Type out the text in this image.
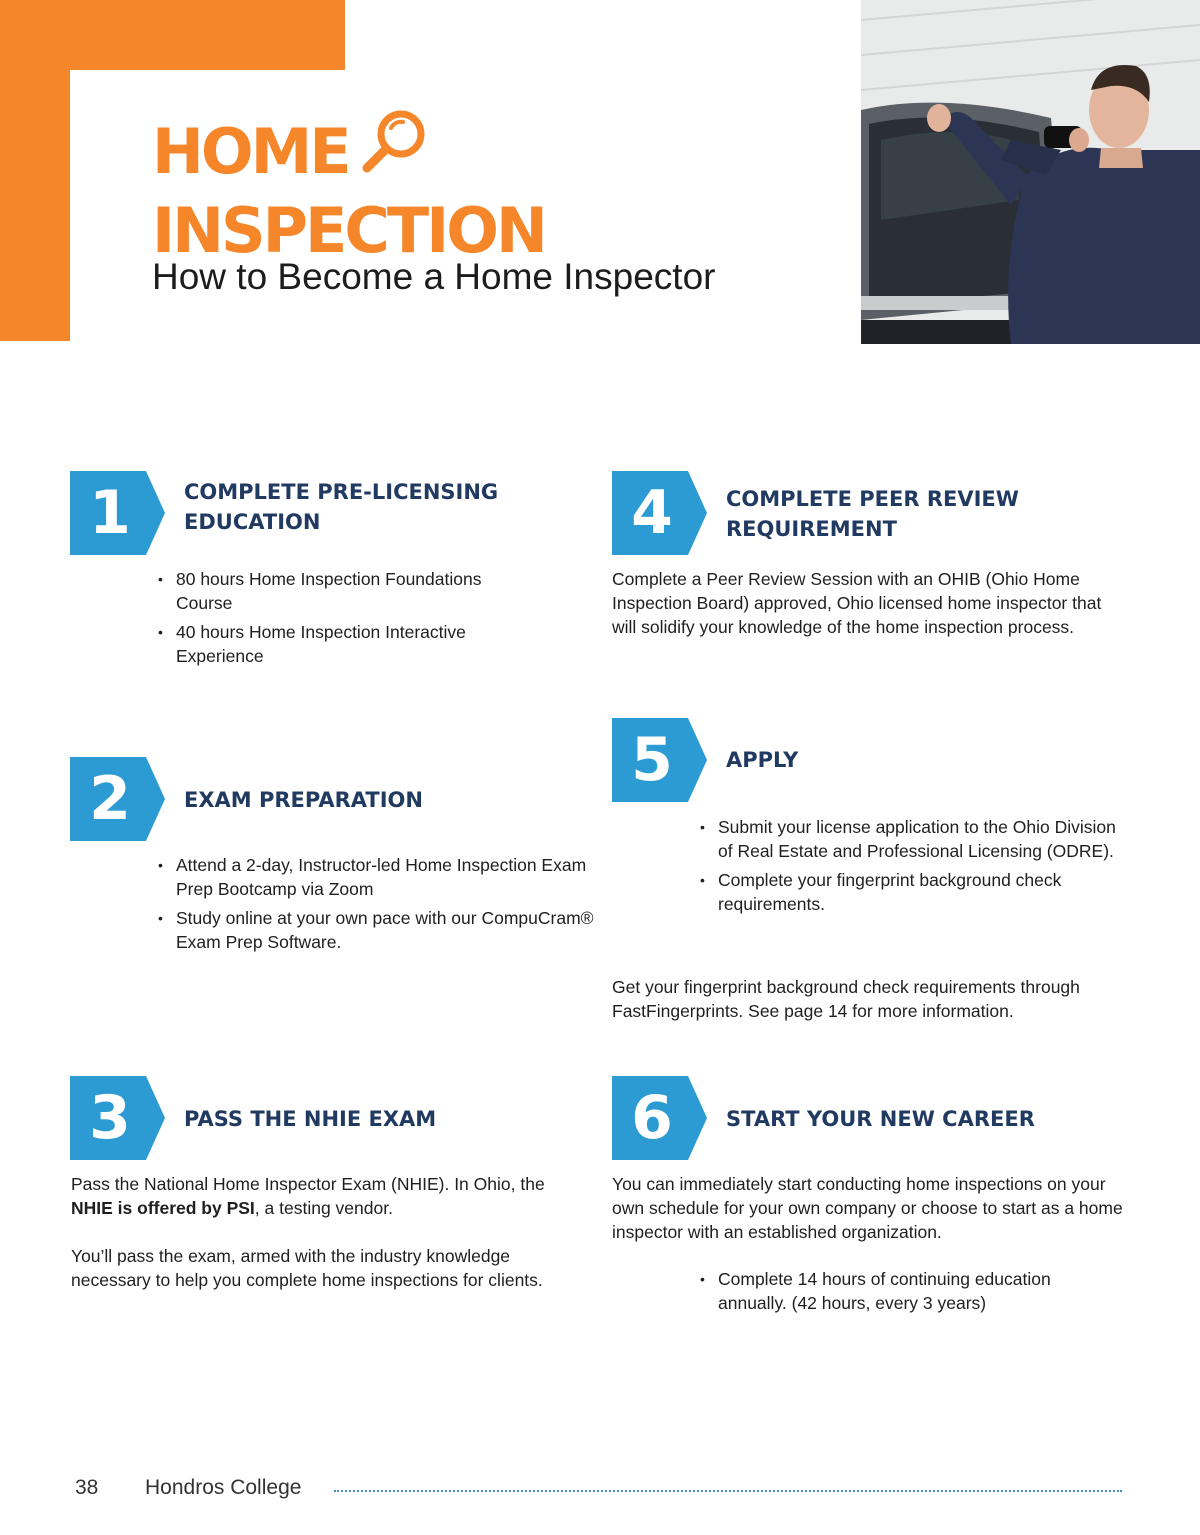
HOME
INSPECTION
How to Become a Home Inspector
1	COMPLETE PRE-LICENSING
EDUCATION
• 80 hours Home Inspection Foundations Course
• 40 hours Home Inspection Interactive Experience
2	EXAM PREPARATION
• Attend a 2-day, Instructor-led Home Inspection Exam Prep Bootcamp via Zoom
• Study online at your own pace with our CompuCram® Exam Prep Software.
3	PASS THE NHIE EXAM

Pass the National Home Inspector Exam (NHIE). In Ohio, the NHIE is offered by PSI, a testing vendor.

You’ll pass the exam, armed with the industry knowledge necessary to help you complete home inspections for clients.

4	COMPLETE PEER REVIEW
REQUIREMENT

Complete a Peer Review Session with an OHIB (Ohio Home Inspection Board) approved, Ohio licensed home inspector that will solidify your knowledge of the home inspection process.

5	APPLY
• Submit your license application to the Ohio Division of Real Estate and Professional Licensing (ODRE).
• Complete your fingerprint background check requirements.

Get your fingerprint background check requirements through FastFingerprints. See page 14 for more information.

6	START YOUR NEW CAREER

You can immediately start conducting home inspections on your own schedule for your own company or choose to start as a home inspector with an established organization.

• Complete 14 hours of continuing education annually. (42 hours, every 3 years)
38 Hondros College
